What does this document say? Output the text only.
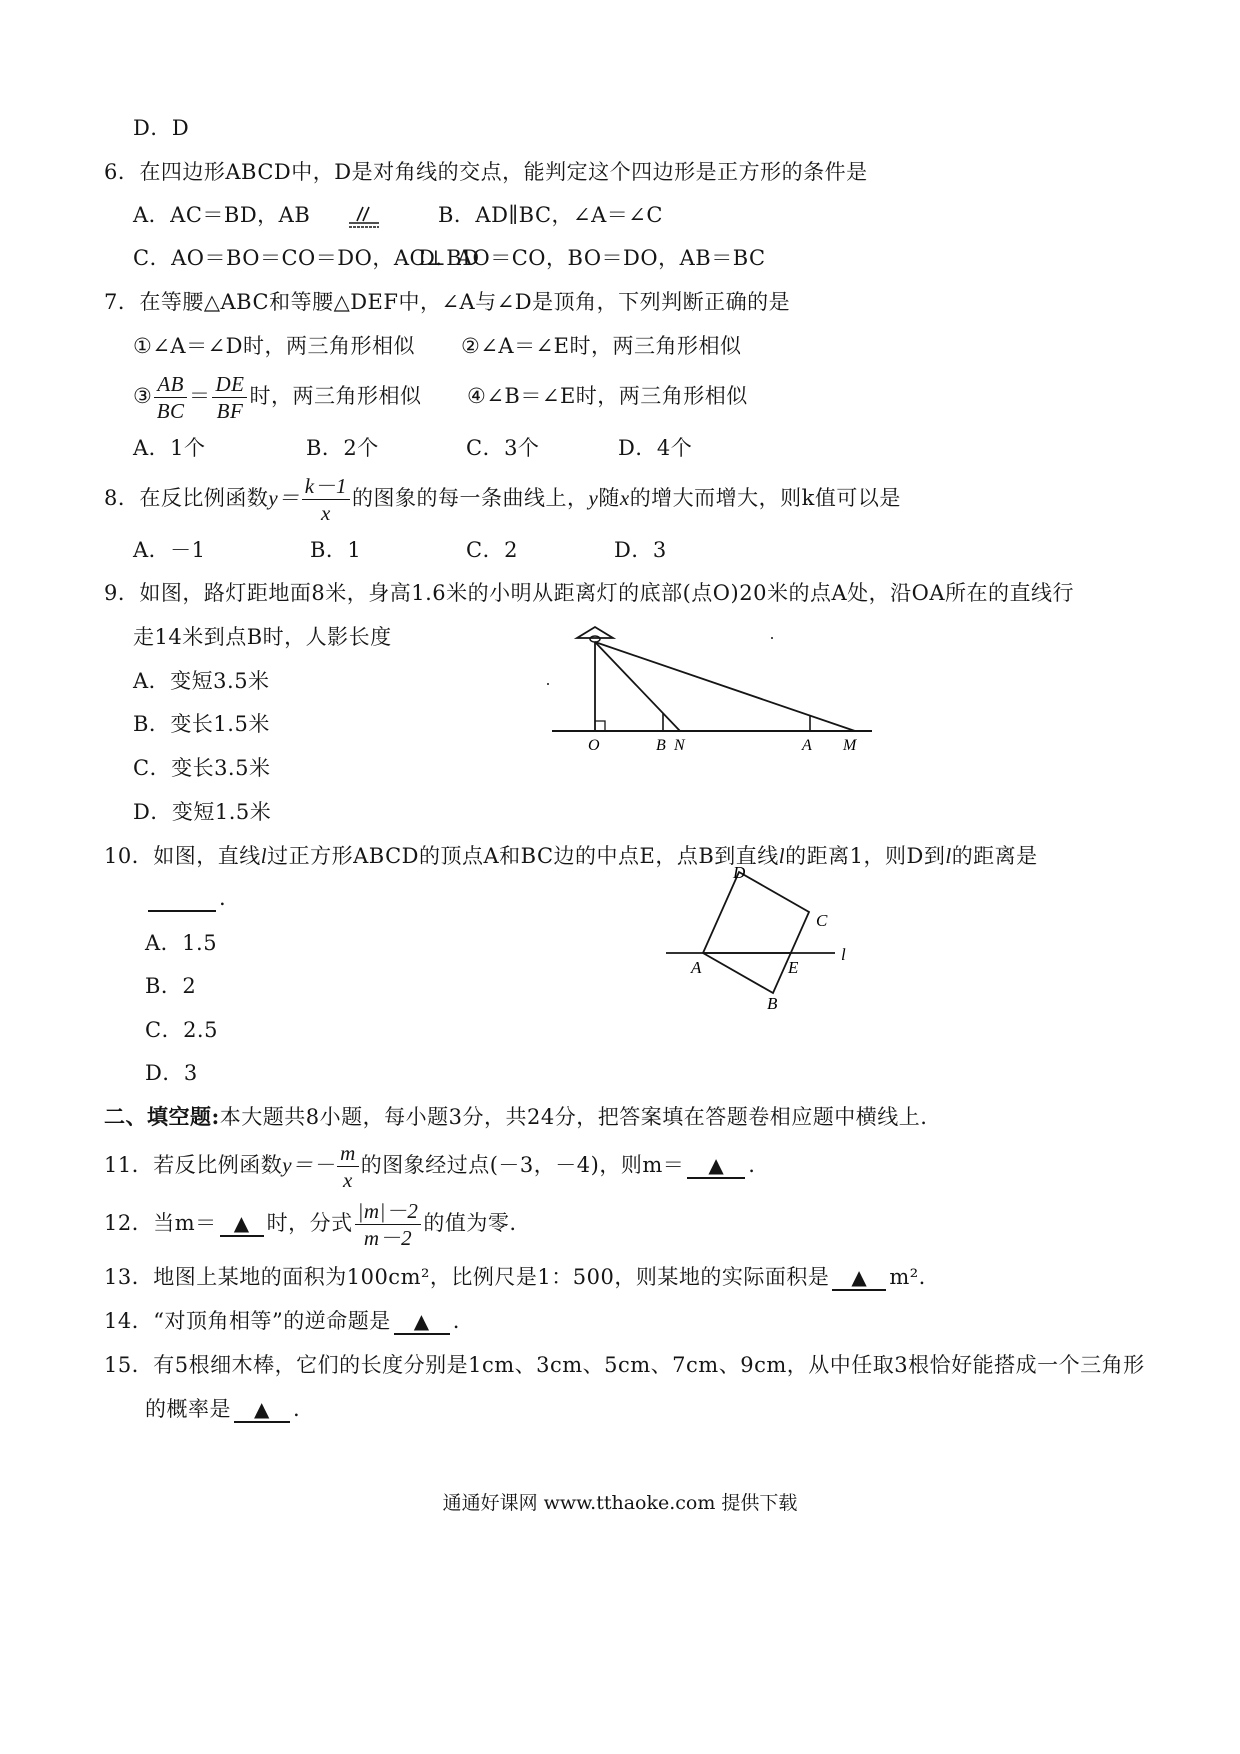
D．D
6．在四边形ABCD中，D是对角线的交点，能判定这个四边形是正方形的条件是
A．AC＝BD，AB	B．AD∥BC，∠A＝∠C
C．AO＝BO＝CO＝DO，AC⊥BD
D．AO＝CO，BO＝DO，AB＝BC
7．在等腰△ABC和等腰△DEF中，∠A与∠D是顶角，下列判断正确的是
①∠A＝∠D时，两三角形相似 ②∠A＝∠E时，两三角形相似
③ $\frac{AB}{BC} = \frac{DE}{BF}$ 时，两三角形相似 ④∠B＝∠E时，两三角形相似
A．1个	B．2个	C．3个	D．4个
8．在反比例函数$y= \frac{k-1}{x}$ 的图象的每一条曲线上，y随x的增大而增大，则k值可以是
A．－1	B．1	C．2	D．3
9．如图，路灯距地面8米，身高1.6米的小明从距离灯的底部(点O)20米的点A处，沿OA所在的直线行
走14米到点B时，人影长度
A．变短3.5米
B．变长1.5米
C．变长3.5米
D．变短1.5米
O	B N	A M
10．如图，直线l过正方形ABCD的顶点A和BC边的中点E，点B到直线l的距离1，则D到l的距离是
.
A．1.5
B．2
C．2.5
D．3
D
C
A	E
B
l
二、填空题:本大题共8小题，每小题3分，共24分，把答案填在答题卷相应题中横线上.
11．若反比例函数$y=- \frac{m}{x}$ 的图象经过点(－3，－4)，则m＝ ▲ .
12．当m＝ ▲ 时，分式 $\frac{|m|-2}{m-2}$ 的值为零.
13．地图上某地的面积为100cm²，比例尺是1：500，则某地的实际面积是 ▲ m².
14．“对顶角相等”的逆命题是 ▲ .
15．有5根细木棒，它们的长度分别是1cm、3cm、5cm、7cm、9cm，从中任取3根恰好能搭成一个三角形
的概率是 ▲ .
通通好课网 www.tthaoke.com 提供下载
